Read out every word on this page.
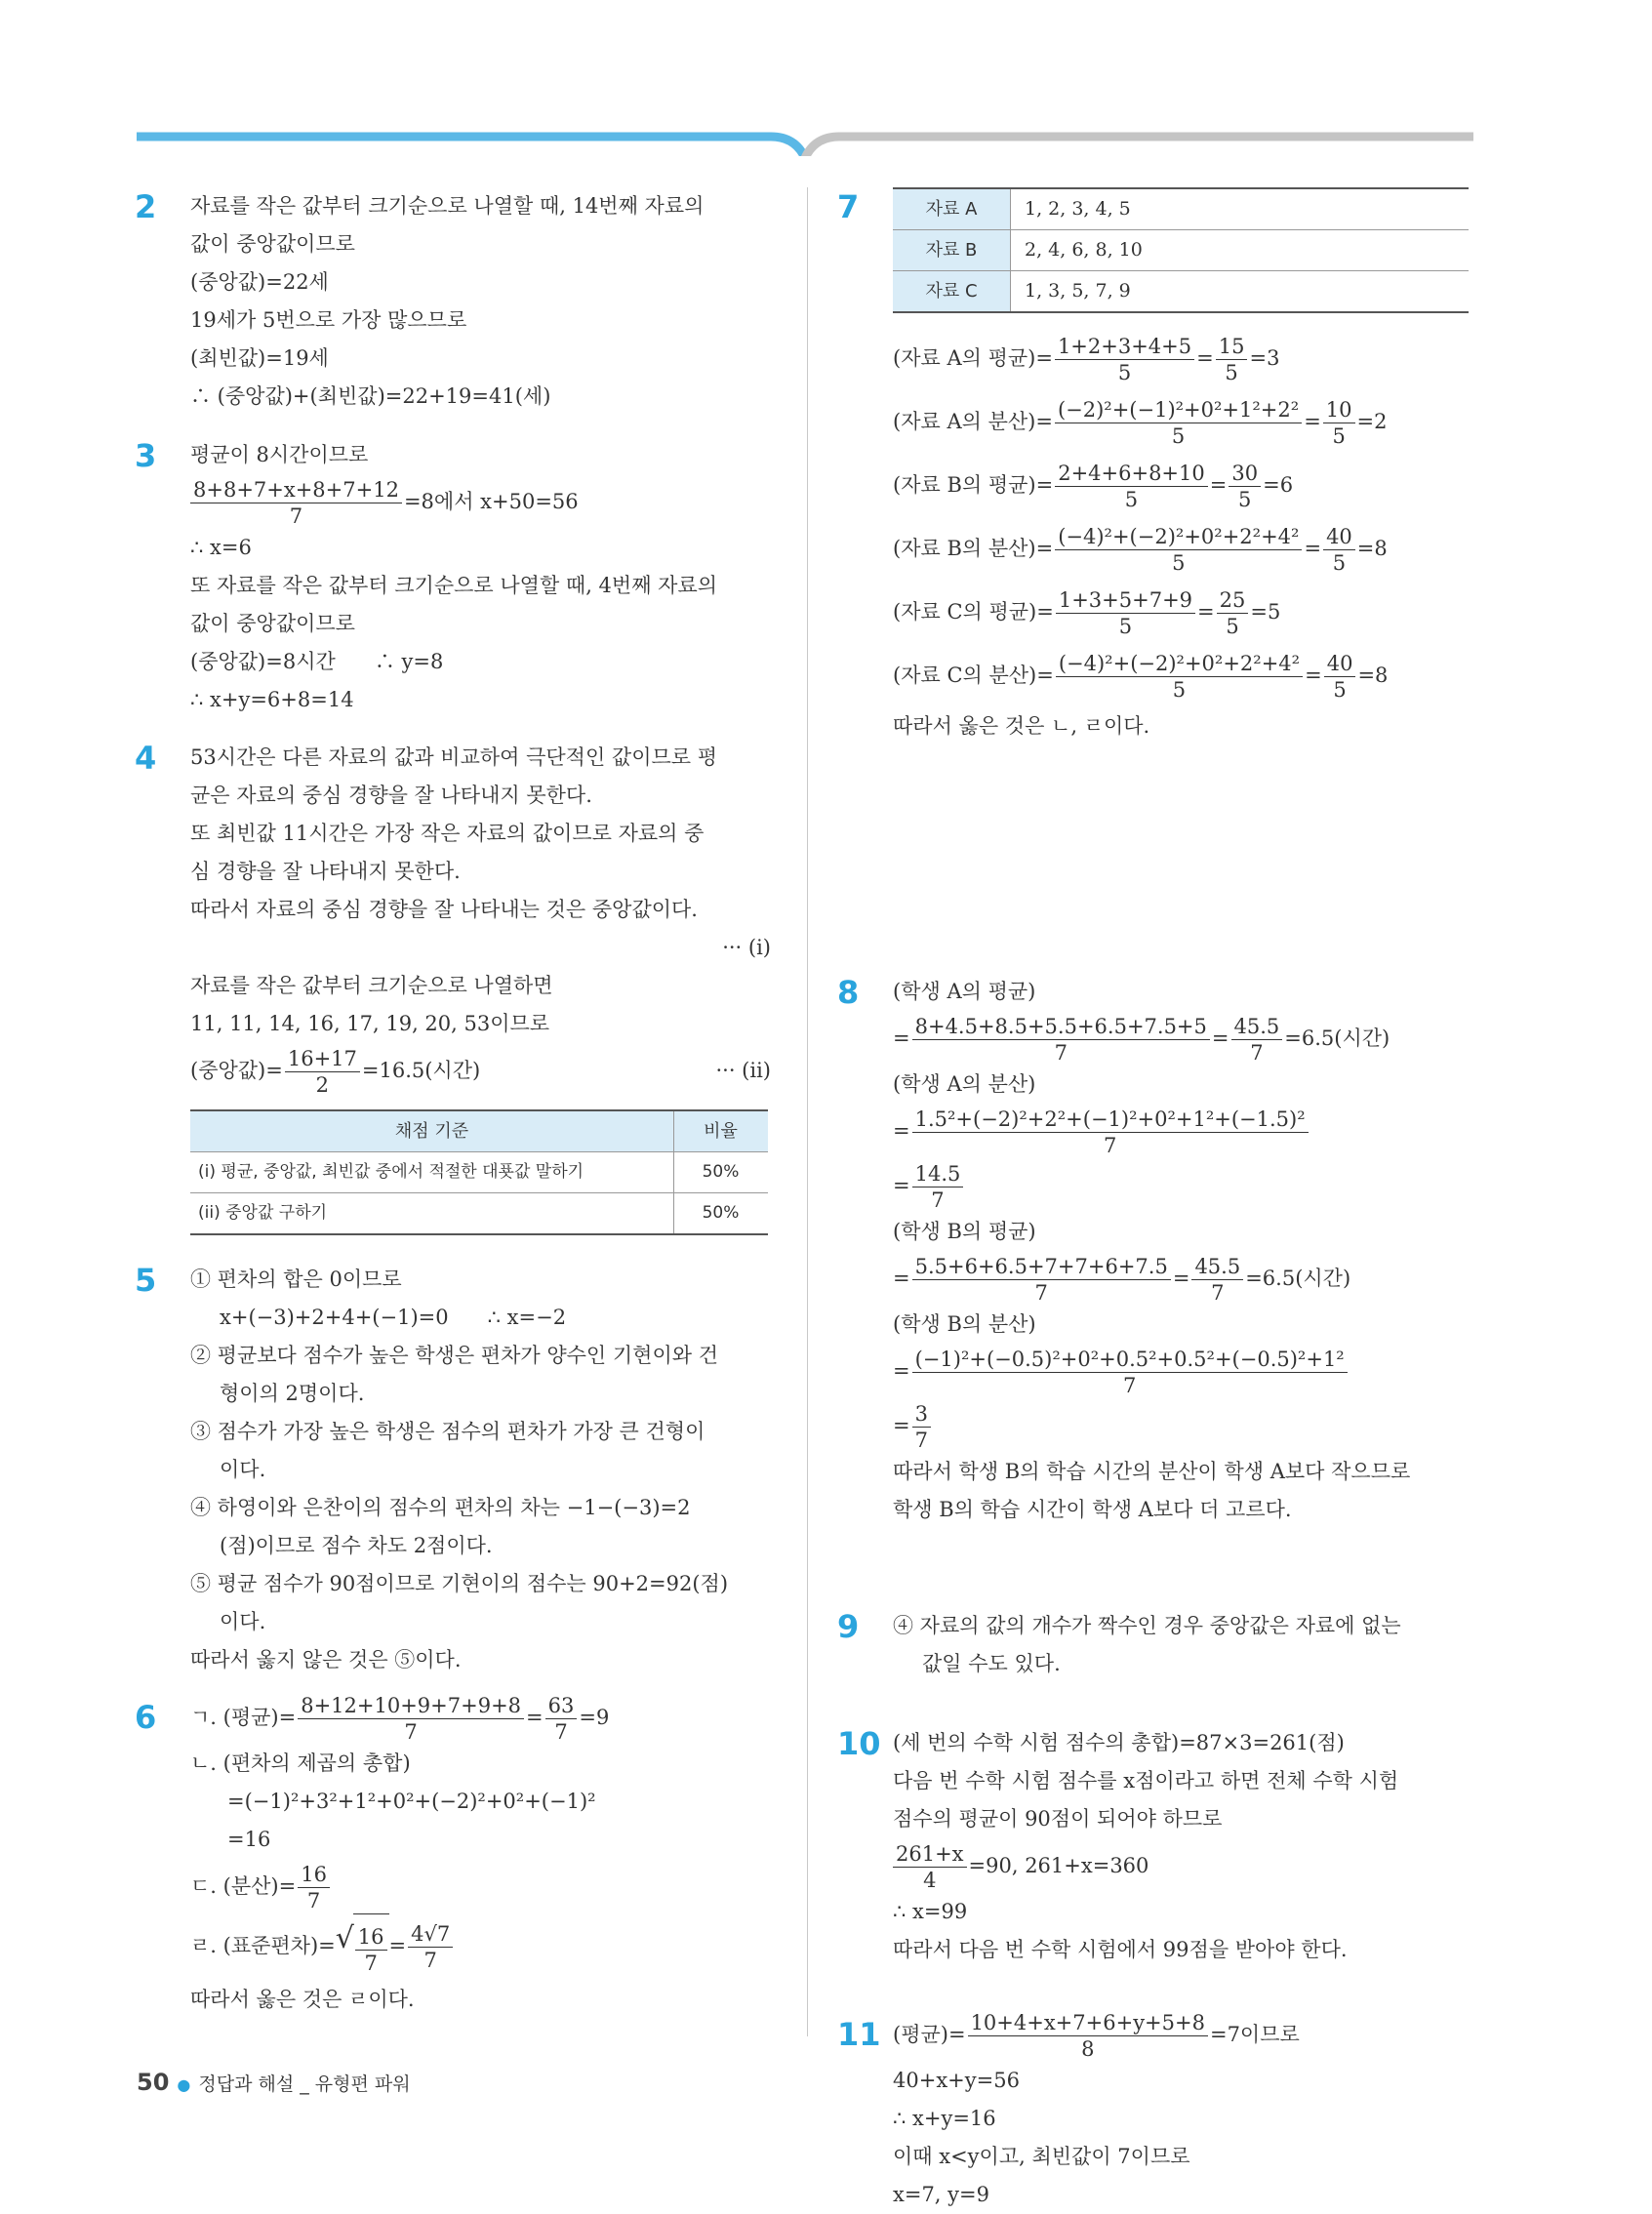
2	자료를 작은 값부터 크기순으로 나열할 때, 14번째 자료의
값이 중앙값이므로
(중앙값)=22세
19세가 5번으로 가장 많으므로
(최빈값)=19세
∴ (중앙값)+(최빈값)=22+19=41(세)
3	평균이 8시간이므로
$\frac{8+8+7+x+8+7+12}{7} =8$에서 x+50=56
∴ x=6
또 자료를 작은 값부터 크기순으로 나열할 때, 4번째 자료의
값이 중앙값이므로
(중앙값)=8시간      ∴ y=8
∴ x+y=6+8=14
4	53시간은 다른 자료의 값과 비교하여 극단적인 값이므로 평
균은 자료의 중심 경향을 잘 나타내지 못한다.
또 최빈값 11시간은 가장 작은 자료의 값이므로 자료의 중
심 경향을 잘 나타내지 못한다.
따라서 자료의 중심 경향을 잘 나타내는 것은 중앙값이다.
··· (i)
자료를 작은 값부터 크기순으로 나열하면
11, 11, 14, 16, 17, 19, 20, 53이므로
(중앙값)= $\frac{16+17}{2} =16.5$(시간)	··· (ii)
채점 기준	비율
(i) 평균, 중앙값, 최빈값 중에서 적절한 대푯값 말하기	50%
(ii) 중앙값 구하기	50%
5	① 편차의 합은 0이므로
x+(−3)+2+4+(−1)=0      ∴ x=−2
② 평균보다 점수가 높은 학생은 편차가 양수인 기현이와 건
형이의 2명이다.
③ 점수가 가장 높은 학생은 점수의 편차가 가장 큰 건형이
이다.
④ 하영이와 은찬이의 점수의 편차의 차는 −1−(−3)=2
(점)이므로 점수 차도 2점이다.
⑤ 평균 점수가 90점이므로 기현이의 점수는 90+2=92(점)
이다.
따라서 옳지 않은 것은 ⑤이다.
6	ㄱ. (평균)= $\frac{8+12+10+9+7+9+8}{7} = \frac{63}{7} =9$
ㄴ. (편차의 제곱의 총합)
=(−1)²+3²+1²+0²+(−2)²+0²+(−1)²
=16
ㄷ. (분산)= $\frac{16}{7}$
ㄹ. (표준편차)= √ $\frac{16}{7} = \frac{4√7}{7}$
따라서 옳은 것은 ㄹ이다.
7	자료 A	1, 2, 3, 4, 5
자료 B	2, 4, 6, 8, 10
자료 C	1, 3, 5, 7, 9
(자료 A의 평균)= $\frac{1+2+3+4+5}{5} = \frac{15}{5} =3$
(자료 A의 분산)= $\frac{\text{(−2)²+(−1)²+0²+1²+2²}}{5} = \frac{10}{5} =2$
(자료 B의 평균)= $\frac{2+4+6+8+10}{5} = \frac{30}{5} =6$
(자료 B의 분산)= $\frac{\text{(−4)²+(−2)²+0²+2²+4²}}{5} = \frac{40}{5} =8$
(자료 C의 평균)= $\frac{1+3+5+7+9}{5} = \frac{25}{5} =5$
(자료 C의 분산)= $\frac{\text{(−4)²+(−2)²+0²+2²+4²}}{5} = \frac{40}{5} =8$
따라서 옳은 것은 ㄴ, ㄹ이다.
8	(학생 A의 평균)
= $\frac{8+4.5+8.5+5.5+6.5+7.5+5}{7} = \frac{45.5}{7} =6.5$(시간)
(학생 A의 분산)
= $\frac{\text{1.5²+(−2)²+2²+(−1)²+0²+1²+(−1.5)²}}{7}$
= $\frac{14.5}{7}$
(학생 B의 평균)
= $\frac{5.5+6+6.5+7+7+6+7.5}{7} = \frac{45.5}{7} =6.5$(시간)
(학생 B의 분산)
= $\frac{\text{(−1)²+(−0.5)²+0²+0.5²+0.5²+(−0.5)²+1²}}{7}$
= $\frac{3}{7}$
따라서 학생 B의 학습 시간의 분산이 학생 A보다 작으므로
학생 B의 학습 시간이 학생 A보다 더 고르다.
9	④ 자료의 값의 개수가 짝수인 경우 중앙값은 자료에 없는
값일 수도 있다.
10 (세 번의 수학 시험 점수의 총합)=87×3=261(점)
다음 번 수학 시험 점수를 x점이라고 하면 전체 수학 시험
점수의 평균이 90점이 되어야 하므로
$\frac{261+x}{4} =90$, 261+x=360
∴ x=99
따라서 다음 번 수학 시험에서 99점을 받아야 한다.
11 (평균)= $\frac{10+4+x+7+6+y+5+8}{8} =7$이므로
40+x+y=56
∴ x+y=16
이때 x<y이고, 최빈값이 7이므로
x=7, y=9
50 ● 정답과 해설 _ 유형편 파워
